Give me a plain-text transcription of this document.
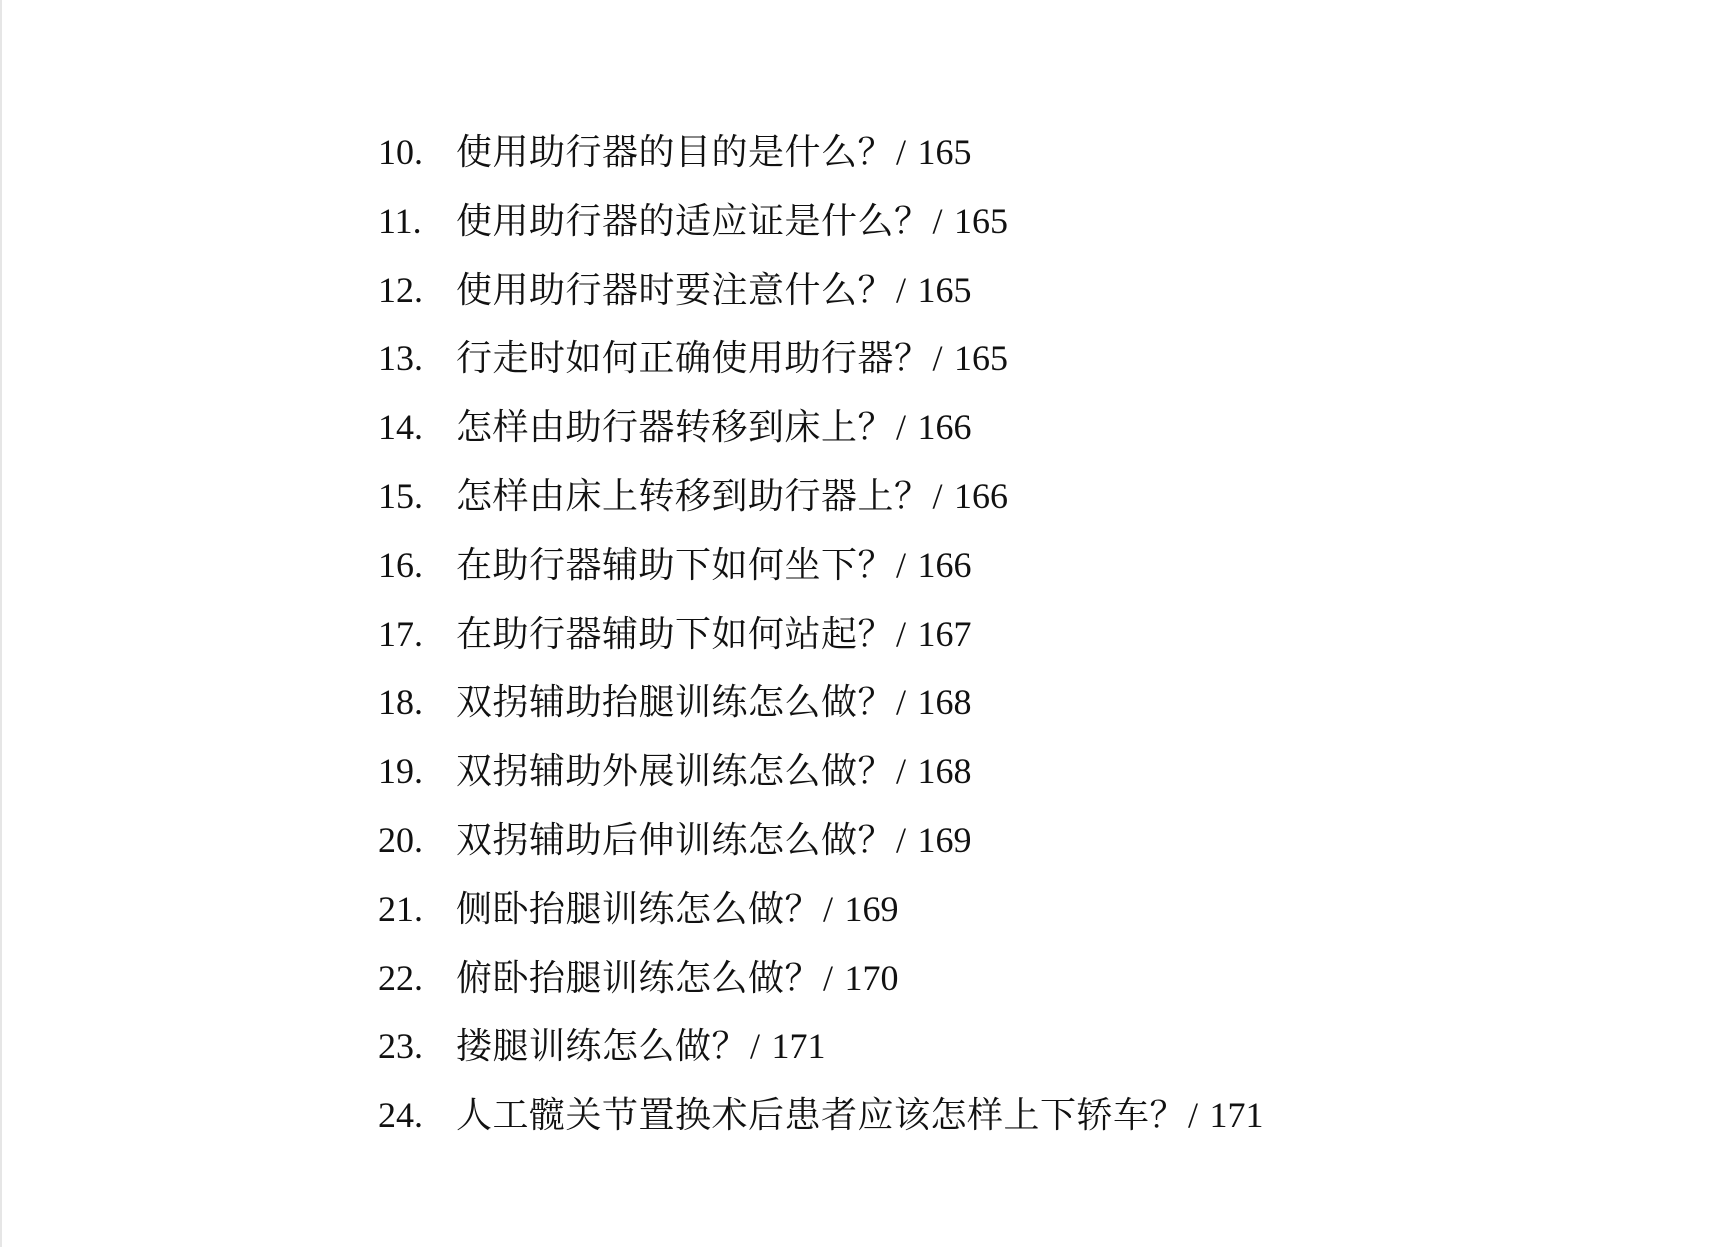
10. 使用助行器的目的是什么？/ 165
11. 使用助行器的适应证是什么？/ 165
12. 使用助行器时要注意什么？/ 165
13. 行走时如何正确使用助行器？/ 165
14. 怎样由助行器转移到床上？/ 166
15. 怎样由床上转移到助行器上？/ 166
16. 在助行器辅助下如何坐下？/ 166
17. 在助行器辅助下如何站起？/ 167
18. 双拐辅助抬腿训练怎么做？/ 168
19. 双拐辅助外展训练怎么做？/ 168
20. 双拐辅助后伸训练怎么做？/ 169
21. 侧卧抬腿训练怎么做？/ 169
22. 俯卧抬腿训练怎么做？/ 170
23. 搂腿训练怎么做？/ 171
24. 人工髋关节置换术后患者应该怎样上下轿车？/ 171
